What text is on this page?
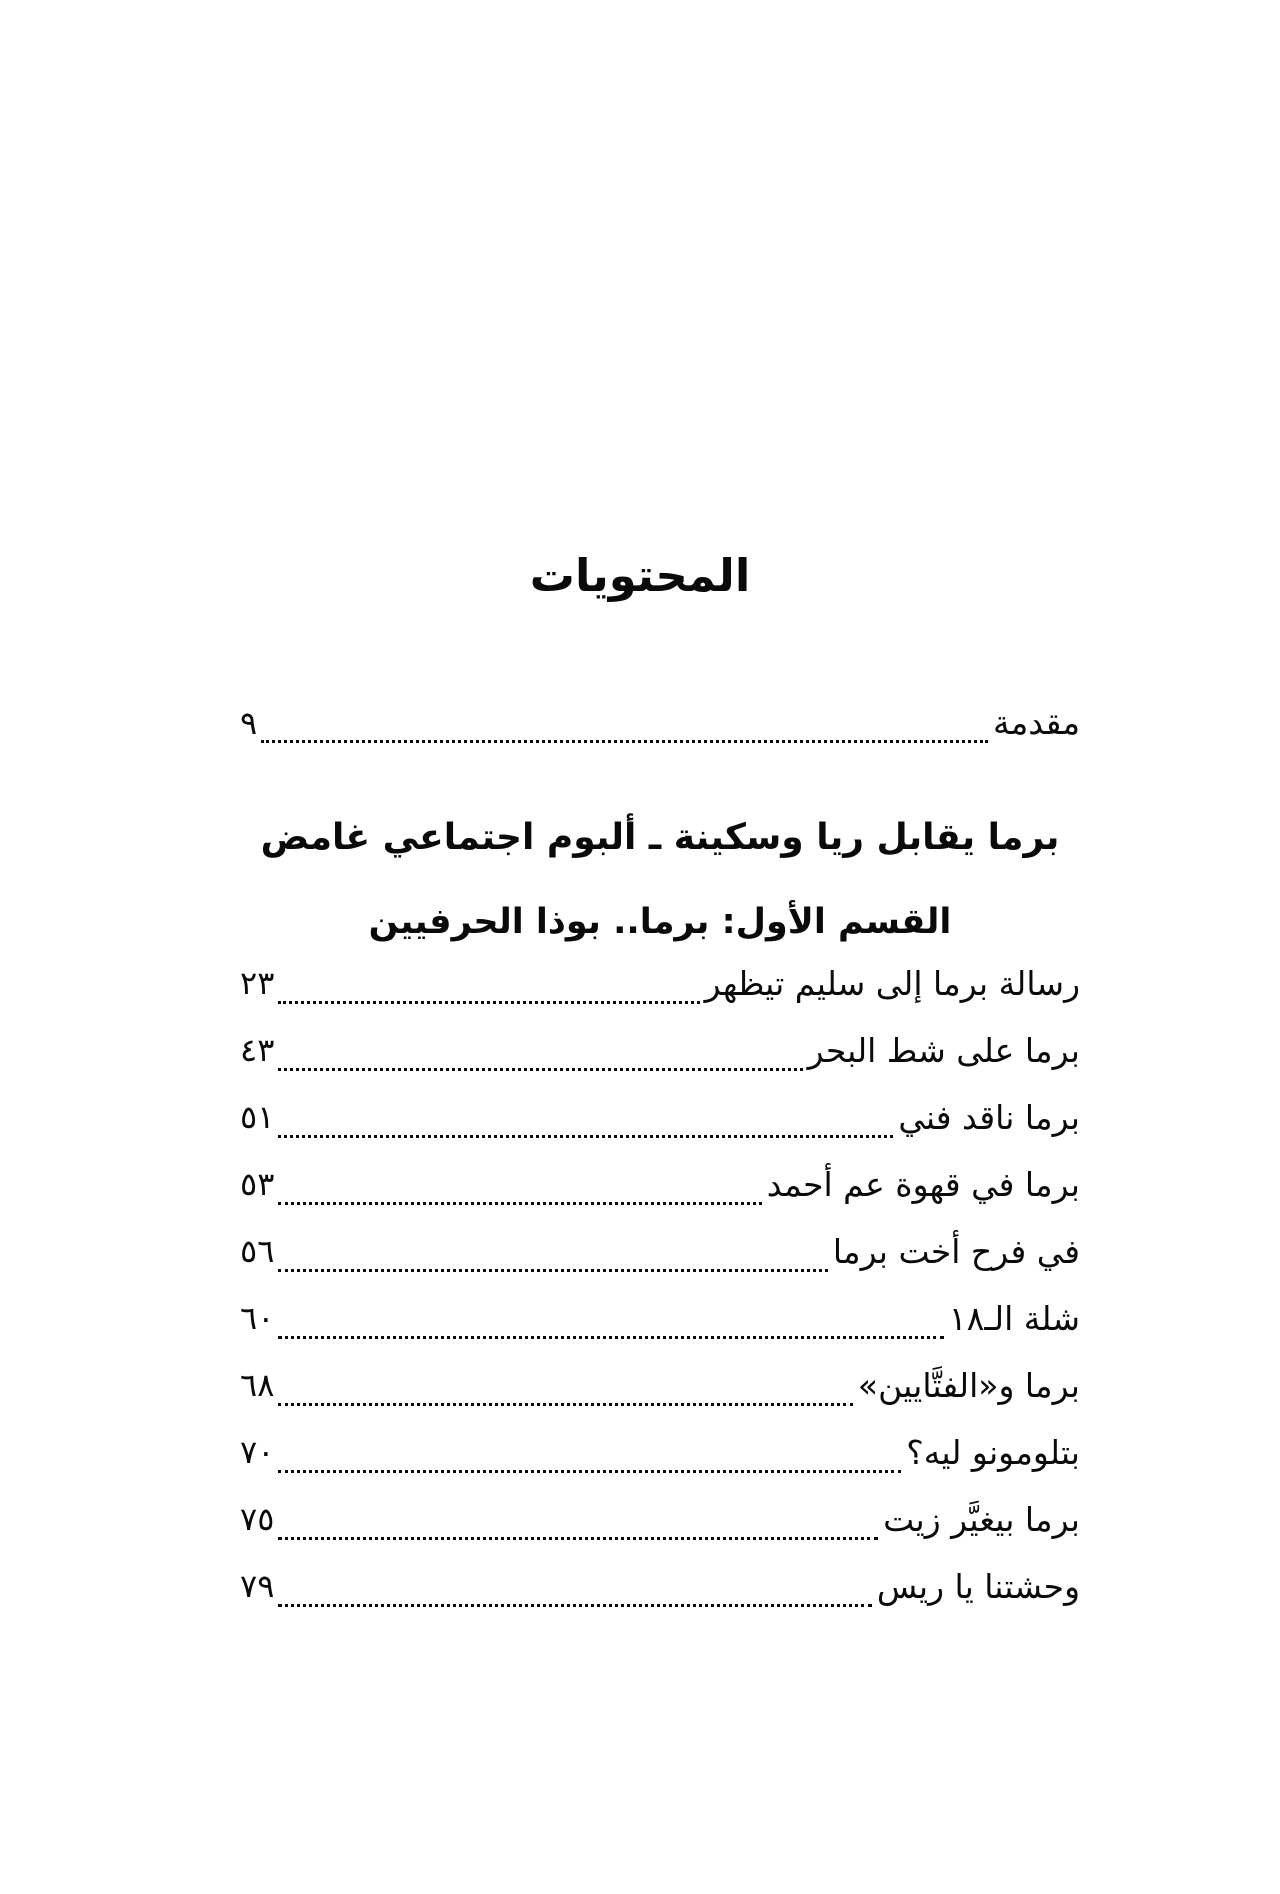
المحتويات
مقدمة
٩
برما يقابل ريا وسكينة ـ ألبوم اجتماعي غامض
القسم الأول: برما.. بوذا الحرفيين
رسالة برما إلى سليم تيظهر
٢٣
برما على شط البحر
٤٣
برما ناقد فني
٥١
برما في قهوة عم أحمد
٥٣
في فرح أخت برما
٥٦
شلة الـ١٨
٦٠
برما و«الفتَّايين»
٦٨
بتلومونو ليه؟
٧٠
برما بيغيَّر زيت
٧٥
وحشتنا يا ريس
٧٩
